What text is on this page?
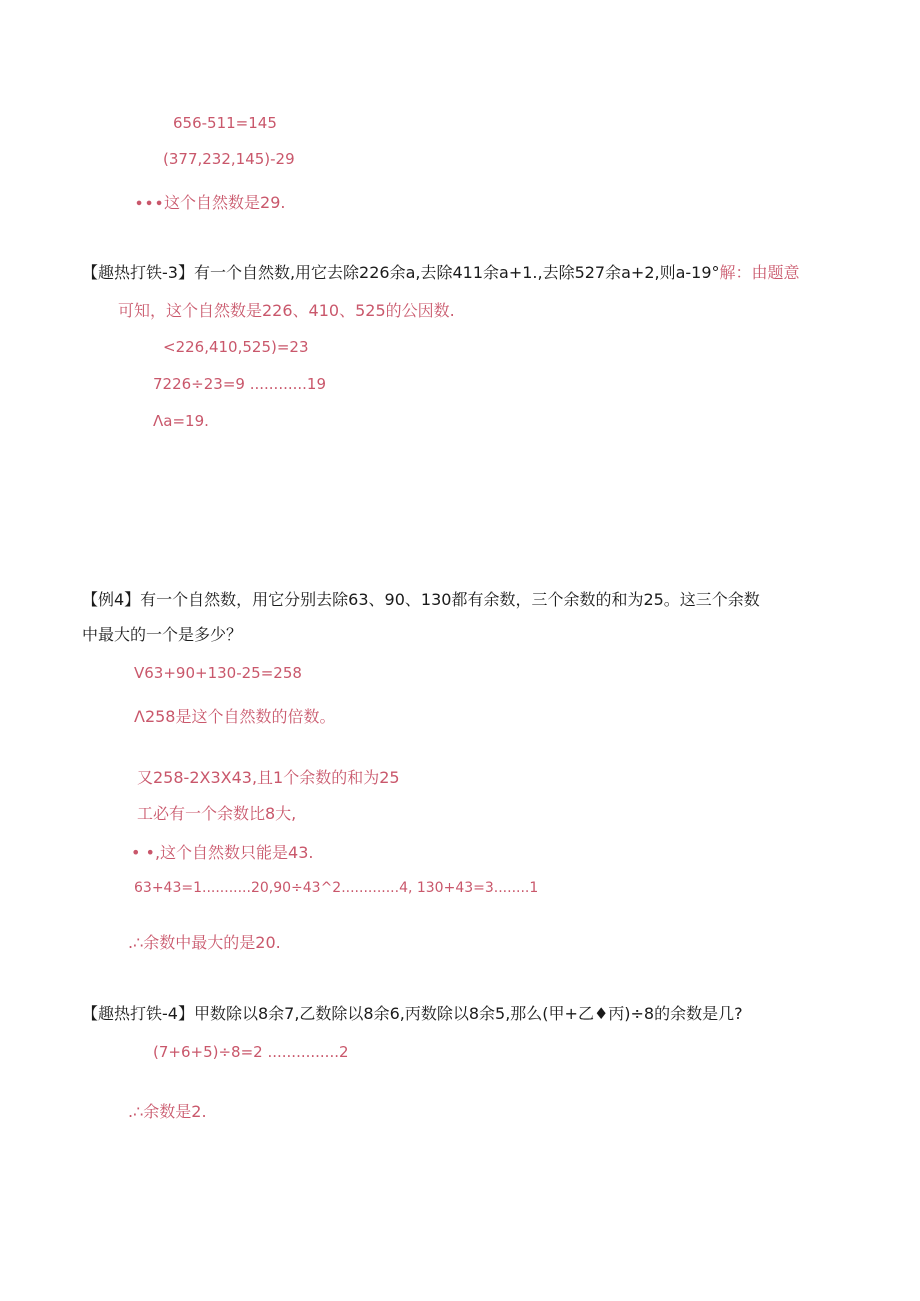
656-511=145
(377,232,145)-29
∙∙∙这个自然数是29.
【趣热打铁-3】有一个自然数,用它去除226余a,去除411余a+1.,去除527余a+2,则a-19°解：由题意
可知，这个自然数是226、410、525的公因数.
<226,410,525)=23
7226÷23=9 ............19
Λa=19.
【例4】有一个自然数，用它分别去除63、90、130都有余数，三个余数的和为25。这三个余数
中最大的一个是多少？
V63+90+130-25=258
Λ258是这个自然数的倍数。
又258-2X3X43,且1个余数的和为25
工必有一个余数比8大,
• •,这个自然数只能是43.
63+43=1...........20,90÷43^2.............4, 130+43=3........1
.∴余数中最大的是20.
【趣热打铁-4】甲数除以8余7,乙数除以8余6,丙数除以8余5,那么(甲+乙♦丙)÷8的余数是几?
(7+6+5)÷8=2 ...............2
.∴余数是2.
